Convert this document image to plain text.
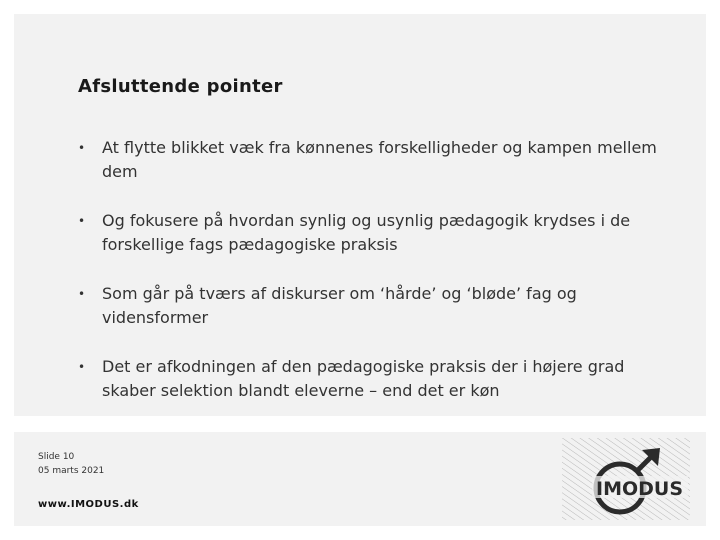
Afsluttende pointer
• At flytte blikket væk fra kønnenes forskelligheder og kampen mellem dem
• Og fokusere på hvordan synlig og usynlig pædagogik krydses i de forskellige fags pædagogiske praksis
• Som går på tværs af diskurser om ‘hårde’ og ‘bløde’ fag og vidensformer
• Det er afkodningen af den pædagogiske praksis der i højere grad skaber selektion blandt eleverne – end det er køn
Slide 10
05 marts 2021
www.IMODUS.dk
IMODUS
